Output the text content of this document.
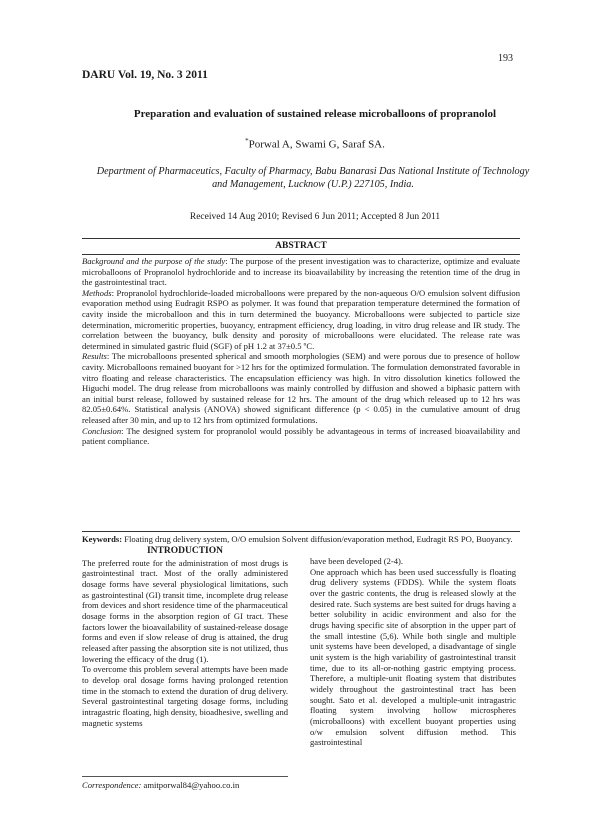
193
DARU Vol. 19, No. 3 2011
Preparation and evaluation of sustained release microballoons of propranolol
*Porwal A, Swami G, Saraf SA.
Department of Pharmaceutics, Faculty of Pharmacy, Babu Banarasi Das National Institute of Technology and Management, Lucknow (U.P.) 227105, India.
Received 14 Aug 2010; Revised 6 Jun 2011; Accepted 8 Jun 2011
ABSTRACT

Background and the purpose of the study: The purpose of the present investigation was to characterize, optimize and evaluate microballoons of Propranolol hydrochloride and to increase its bioavailability by increasing the retention time of the drug in the gastrointestinal tract.

Methods: Propranolol hydrochloride-loaded microballoons were prepared by the non-aqueous O/O emulsion solvent diffusion evaporation method using Eudragit RSPO as polymer. It was found that preparation temperature determined the formation of cavity inside the microballoon and this in turn determined the buoyancy. Microballoons were subjected to particle size determination, micromeritic properties, buoyancy, entrapment efficiency, drug loading, in vitro drug release and IR study. The correlation between the buoyancy, bulk density and porosity of microballoons were elucidated. The release rate was determined in simulated gastric fluid (SGF) of pH 1.2 at 37±0.5 ºC.

Results: The microballoons presented spherical and smooth morphologies (SEM) and were porous due to presence of hollow cavity. Microballoons remained buoyant for >12 hrs for the optimized formulation. The formulation demonstrated favorable in vitro floating and release characteristics. The encapsulation efficiency was high. In vitro dissolution kinetics followed the Higuchi model. The drug release from microballoons was mainly controlled by diffusion and showed a biphasic pattern with an initial burst release, followed by sustained release for 12 hrs. The amount of the drug which released up to 12 hrs was 82.05±0.64%. Statistical analysis (ANOVA) showed significant difference (p < 0.05) in the cumulative amount of drug released after 30 min, and up to 12 hrs from optimized formulations.

Conclusion: The designed system for propranolol would possibly be advantageous in terms of increased bioavailability and patient compliance.

Keywords: Floating drug delivery system, O/O emulsion Solvent diffusion/evaporation method, Eudragit RS PO, Buoyancy.

INTRODUCTION

The preferred route for the administration of most drugs is gastrointestinal tract. Most of the orally administered dosage forms have several physiological limitations, such as gastrointestinal (GI) transit time, incomplete drug release from devices and short residence time of the pharmaceutical dosage forms in the absorption region of GI tract. These factors lower the bioavailability of sustained-release dosage forms and even if slow release of drug is attained, the drug released after passing the absorption site is not utilized, thus lowering the efficacy of the drug (1).

To overcome this problem several attempts have been made to develop oral dosage forms having prolonged retention time in the stomach to extend the duration of drug delivery. Several gastrointestinal targeting dosage forms, including intragastric floating, high density, bioadhesive, swelling and magnetic systems

have been developed (2-4).

One approach which has been used successfully is floating drug delivery systems (FDDS). While the system floats over the gastric contents, the drug is released slowly at the desired rate. Such systems are best suited for drugs having a better solubility in acidic environment and also for the drugs having specific site of absorption in the upper part of the small intestine (5,6). While both single and multiple unit systems have been developed, a disadvantage of single unit system is the high variability of gastrointestinal transit time, due to its all-or-nothing gastric emptying process. Therefore, a multiple-unit floating system that distributes widely throughout the gastrointestinal tract has been sought. Sato et al. developed a multiple-unit intragastric floating system involving hollow microspheres (microballoons) with excellent buoyant properties using o/w emulsion solvent diffusion method. This gastrointestinal

Correspondence: amitporwal84@yahoo.co.in
